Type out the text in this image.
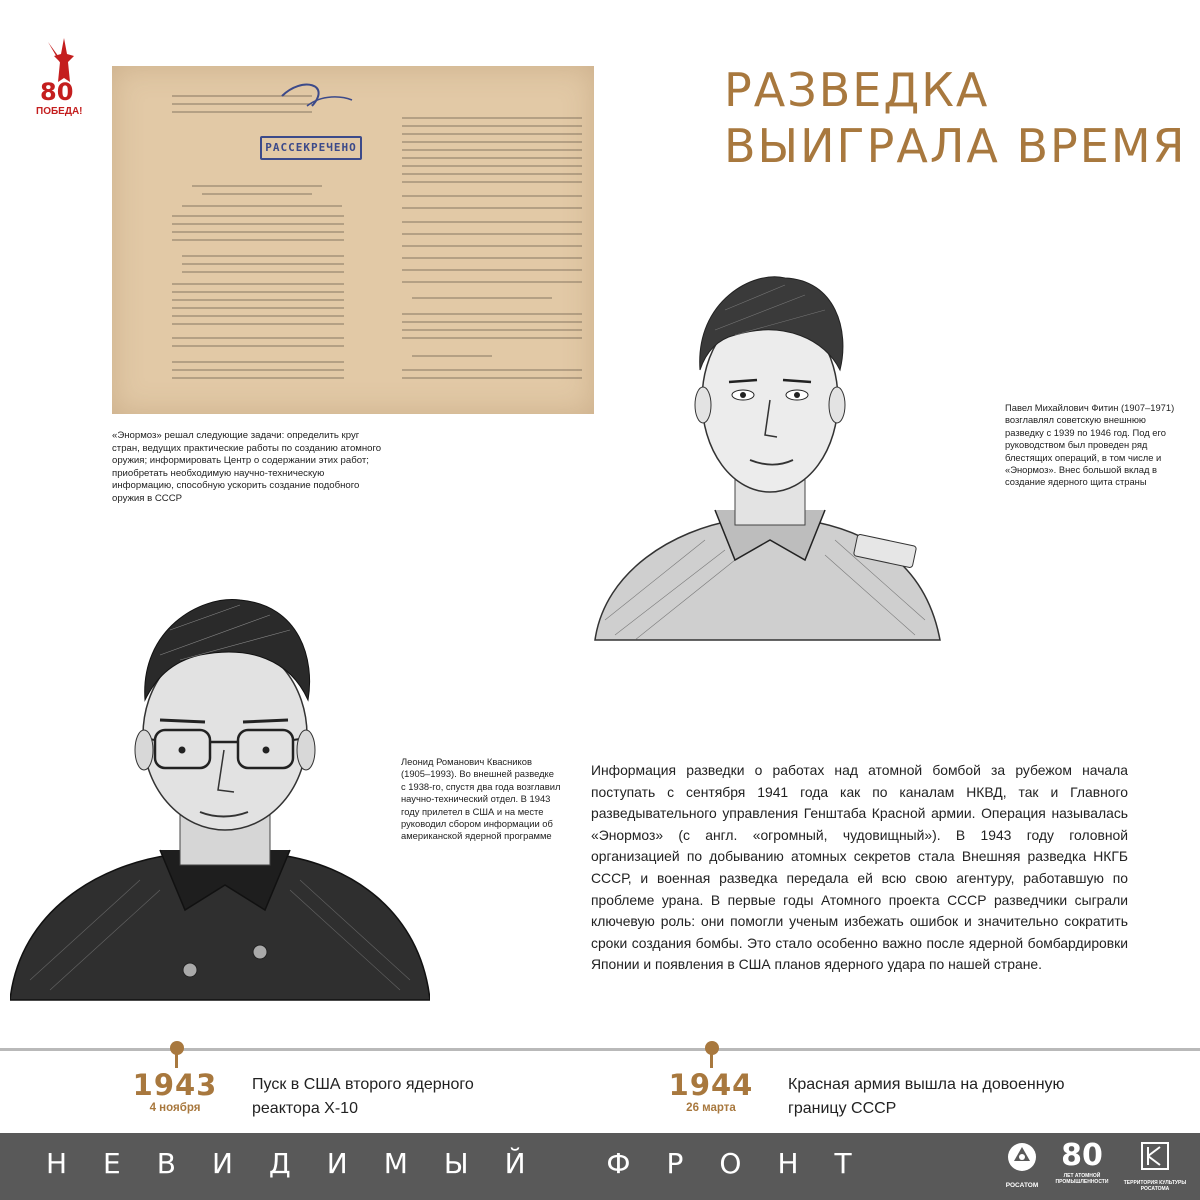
80
ПОБЕДА!	РАЗВЕДКА
ВЫИГРАЛА ВРЕМЯ
РАССЕКРЕЧЕНО
«Энормоз» решал следующие задачи: определить круг стран, ведущих практические работы по созданию атомного оружия; информировать Центр о содержании этих работ; приобретать необходимую научно-техническую информацию, способную ускорить создание подобного оружия в СССР
Павел Михайлович Фитин (1907–1971)
возглавлял советскую внешнюю разведку с 1939 по 1946 год. Под его руководством был проведен ряд блестящих операций, в том числе и «Энормоз». Внес большой вклад в создание ядерного щита страны
Леонид Романович Квасников (1905–1993). Во внешней разведке с 1938-го, спустя два года возглавил научно-технический отдел. В 1943 году прилетел в США и на месте руководил сбором информации об американской ядерной программе
Информация разведки о работах над атомной бомбой за рубежом начала поступать с сентября 1941 года как по каналам НКВД, так и Главного разведывательного управления Генштаба Красной армии. Операция называлась «Энормоз» (с англ. «огромный, чудовищный»). В 1943 году головной организацией по добыванию атомных секретов стала Внешняя разведка НКГБ СССР, и военная разведка передала ей всю свою агентуру, работавшую по проблеме урана. В первые годы Атомного проекта СССР разведчики сыграли ключевую роль: они помогли ученым избежать ошибок и значительно сократить сроки создания бомбы. Это стало особенно важно после ядерной бомбардировки Японии и появления в США планов ядерного удара по нашей стране.
1943
4 ноября
Пуск в США второго ядерного
реактора Х-10
1944
26 марта
Красная армия вышла на довоенную
границу СССР
НЕВИДИМЫЙ ФРОНТ
РОСАТОМ
80
ЛЕТ АТОМНОЙ ПРОМЫШЛЕННОСТИ	ТЕРРИТОРИЯ КУЛЬТУРЫ РОСАТОМА
